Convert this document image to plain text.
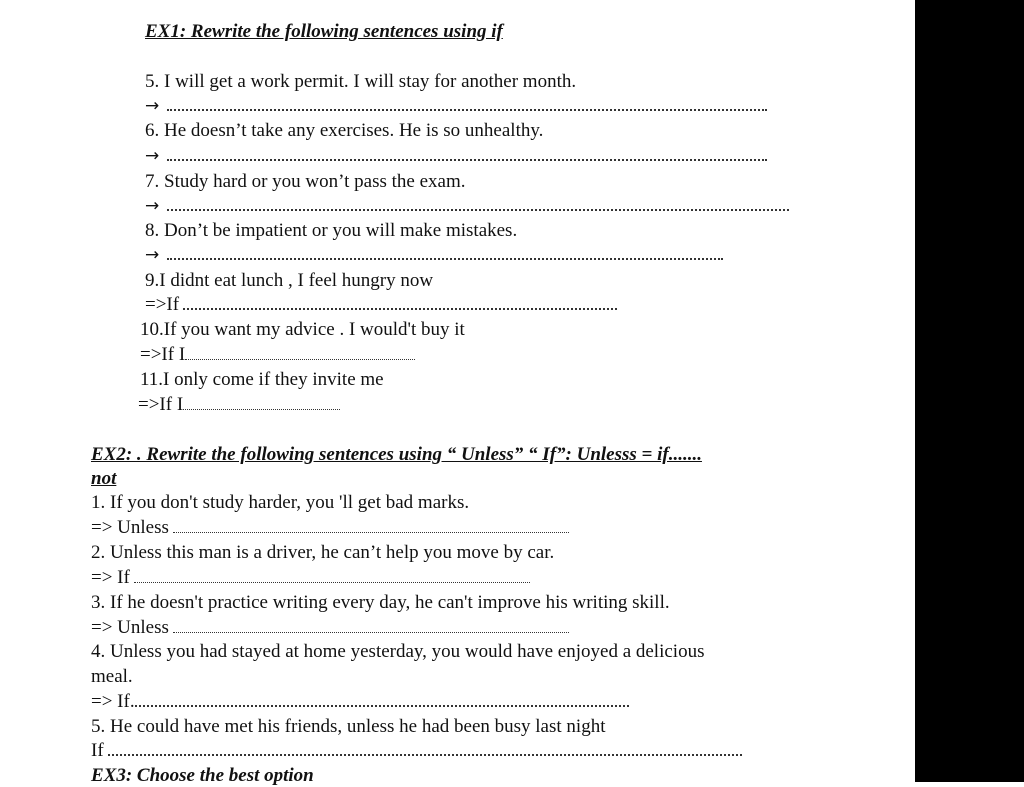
EX1: Rewrite the following sentences using if
5. I will get a work permit. I will stay for another month.
→
6. He doesn’t take any exercises. He is so unhealthy.
→
7. Study hard or you won’t pass the exam.
→
8. Don’t be impatient or you will make mistakes.
→
9.I didnt eat lunch , I feel hungry now
=>If
10.If you want my advice . I would't buy it
=>If I
11.I only come if they invite me
=>If I
EX2: . Rewrite the following sentences using “ Unless” “ If”: Unlesss = if.......
not
1. If you don't study harder, you 'll get bad marks.
=> Unless
2. Unless this man is a driver, he can’t help you move by car.
=> If
3. If he doesn't practice writing every day, he can't improve his writing skill.
=> Unless
4. Unless you had stayed at home yesterday, you would have enjoyed a delicious
meal.
=> If.
5. He could have met his friends, unless he had been busy last night
If
EX3: Choose the best option
